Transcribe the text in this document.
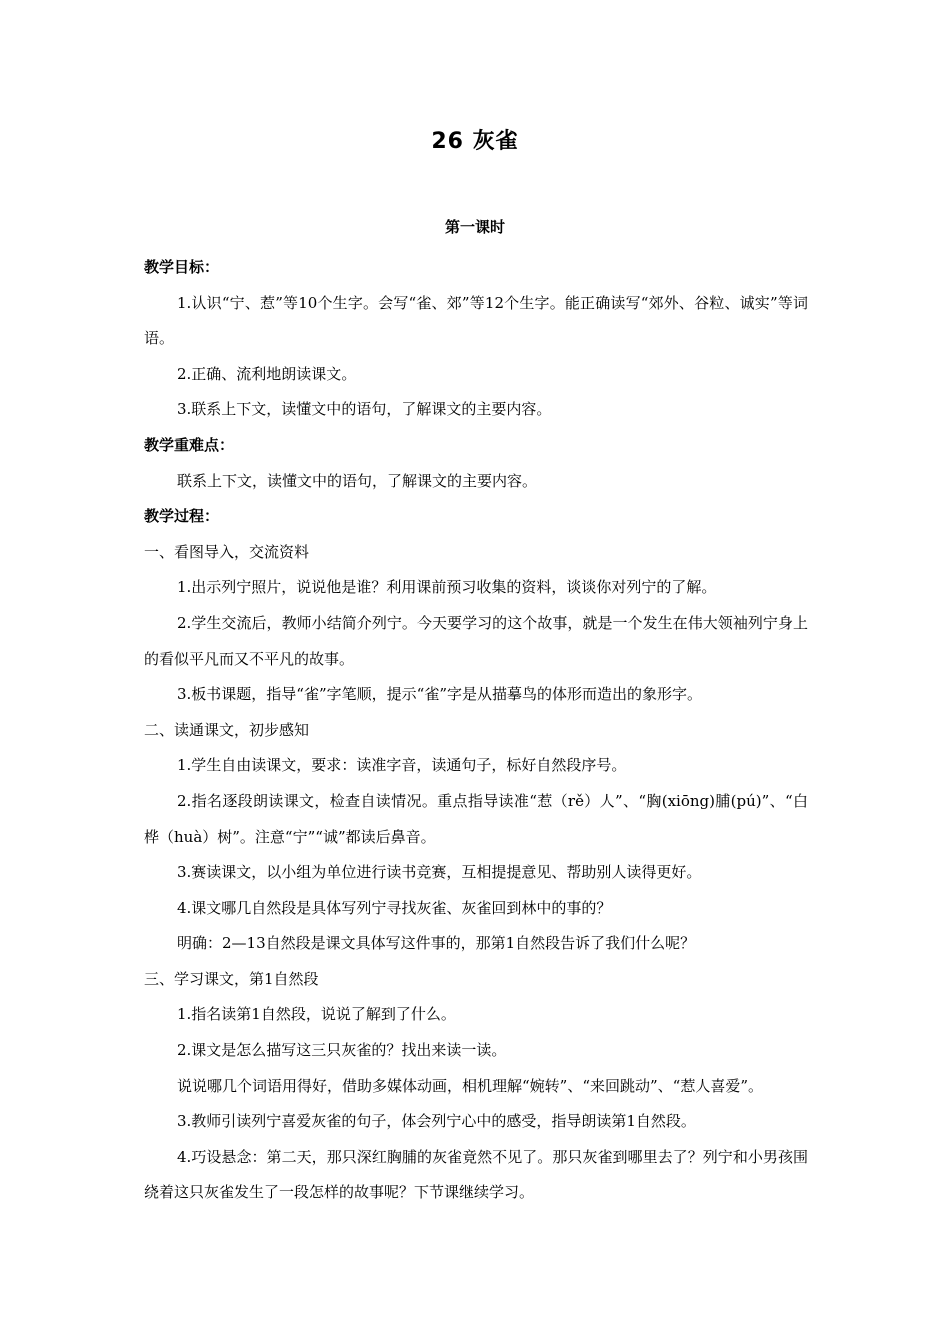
26 灰雀
第一课时

教学目标：

1.认识“宁、惹”等10个生字。会写“雀、郊”等12个生字。能正确读写“郊外、谷粒、诚实”等词语。

2.正确、流利地朗读课文。

3.联系上下文，读懂文中的语句，了解课文的主要内容。

教学重难点：

联系上下文，读懂文中的语句，了解课文的主要内容。

教学过程：

一、看图导入，交流资料

1.出示列宁照片，说说他是谁？利用课前预习收集的资料，谈谈你对列宁的了解。

2.学生交流后，教师小结简介列宁。今天要学习的这个故事，就是一个发生在伟大领袖列宁身上的看似平凡而又不平凡的故事。

3.板书课题，指导“雀”字笔顺，提示“雀”字是从描摹鸟的体形而造出的象形字。

二、读通课文，初步感知

1.学生自由读课文，要求：读准字音，读通句子，标好自然段序号。

2.指名逐段朗读课文，检查自读情况。重点指导读准“惹（rě）人”、“胸(xiōng)脯(pú)”、“白桦（huà）树”。注意“宁”“诚”都读后鼻音。

3.赛读课文，以小组为单位进行读书竞赛，互相提提意见、帮助别人读得更好。

4.课文哪几自然段是具体写列宁寻找灰雀、灰雀回到林中的事的？

明确：2—13自然段是课文具体写这件事的，那第1自然段告诉了我们什么呢？

三、学习课文，第1自然段

1.指名读第1自然段，说说了解到了什么。

2.课文是怎么描写这三只灰雀的？找出来读一读。

说说哪几个词语用得好，借助多媒体动画，相机理解“婉转”、“来回跳动”、“惹人喜爱”。

3.教师引读列宁喜爱灰雀的句子，体会列宁心中的感受，指导朗读第1自然段。

4.巧设悬念：第二天，那只深红胸脯的灰雀竟然不见了。那只灰雀到哪里去了？列宁和小男孩围绕着这只灰雀发生了一段怎样的故事呢？下节课继续学习。
